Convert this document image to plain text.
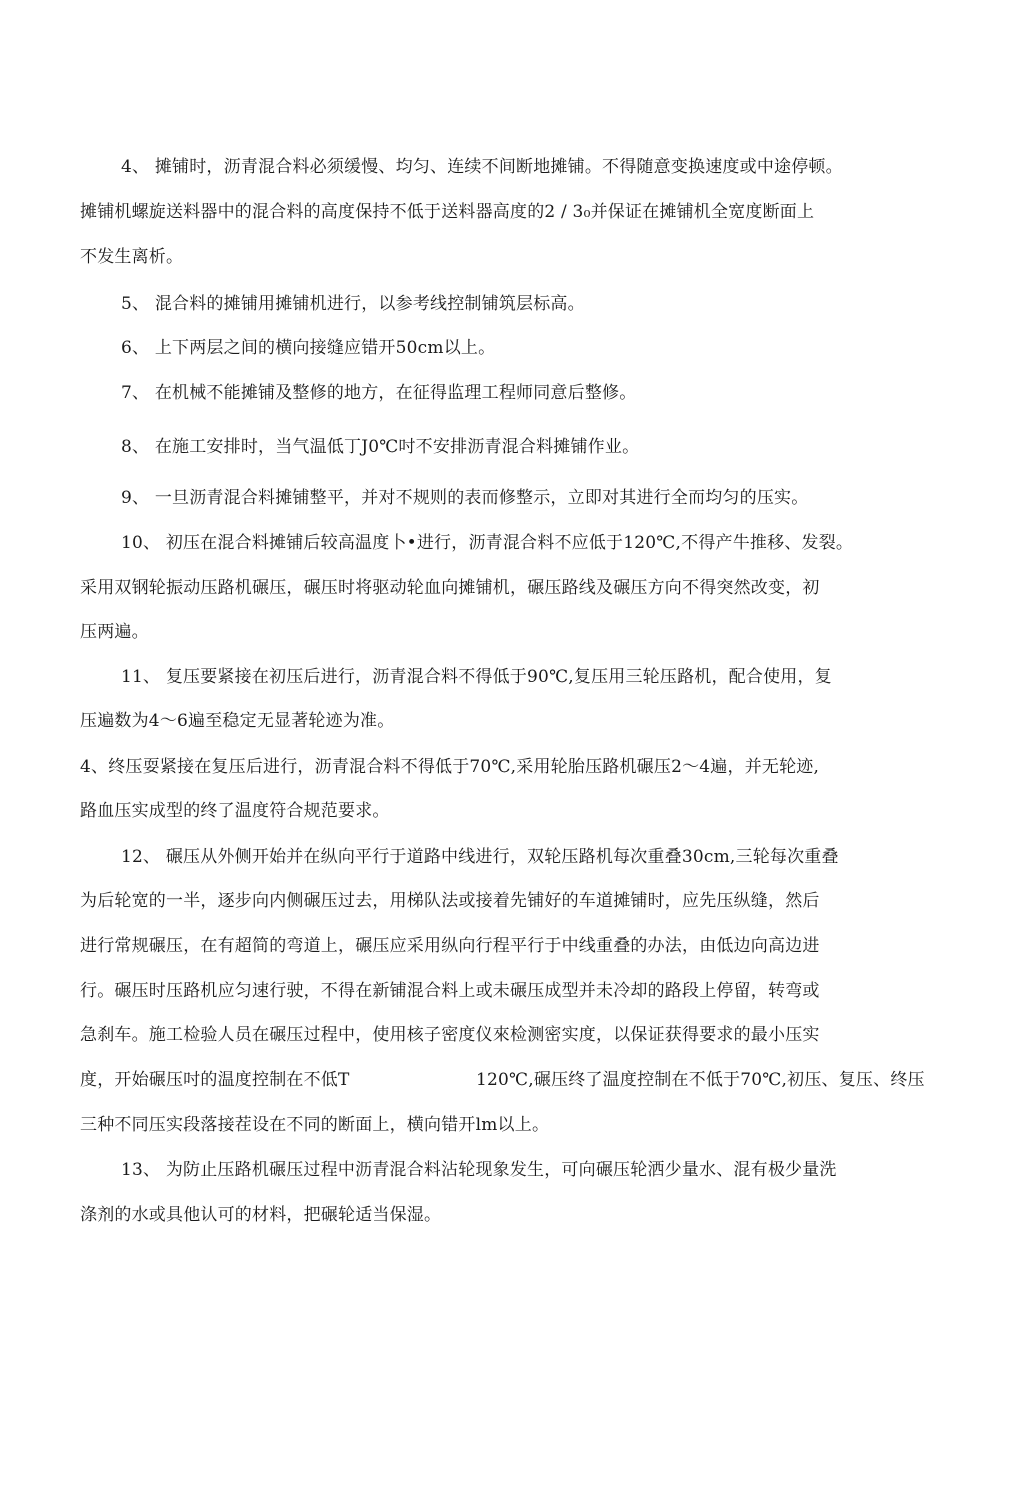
4、 摊铺时，沥青混合料必须缓慢、均匀、连续不间断地摊铺。不得随意变换速度或中途停顿。
摊铺机螺旋送料器中的混合料的高度保持不低于送料器高度的2 / 3₀并保证在摊铺机全宽度断面上
不发生离析。
5、 混合料的摊铺用摊铺机进行，以参考线控制铺筑层标高。
6、 上下两层之间的横向接缝应错开50cm以上。
7、 在机械不能摊铺及整修的地方，在征得监理工程师同意后整修。
8、 在施工安排时，当气温低丁J0℃吋不安排沥青混合料摊铺作业。
9、 一旦沥青混合料摊铺整平，并对不规则的表而修整示，立即对其进行全而均匀的压实。
10、 初压在混合料摊铺后较高温度卜•进行，沥青混合料不应低于120℃,不得产牛推移、发裂。
采用双钢轮振动压路机碾压，碾压时将驱动轮血向摊铺机，碾压路线及碾压方向不得突然改变，初
压两遍。
11、 复压要紧接在初压后进行，沥青混合料不得低于90℃,复压用三轮压路机，配合使用，复
压遍数为4～6遍至稳定无显著轮迹为准。
4、终压耍紧接在复压后进行，沥青混合料不得低于70℃,采用轮胎压路机碾压2～4遍，并无轮迹,
路血压实成型的终了温度符合规范要求。
12、 碾压从外侧开始并在纵向平行于道路中线进行，双轮压路机每次重叠30cm,三轮每次重叠
为后轮宽的一半，逐步向内侧碾压过去，用梯队法或接着先铺好的车道摊铺时，应先压纵缝，然后
进行常规碾压，在有超简的弯道上，碾压应采用纵向行程平行于中线重叠的办法，由低边向高边进
行。碾压时压路机应匀速行驶，不得在新铺混合料上或未碾压成型并未冷却的路段上停留，转弯或
急刹车。施工检验人员在碾压过程中，使用核子密度仪來检测密实度，以保证获得要求的最小压实
度，开始碾压吋的温度控制在不低T	120℃,碾压终了温度控制在不低于70℃,初压、复压、终压
三种不同压实段落接茬设在不同的断面上，横向错开lm以上。
13、 为防止压路机碾压过程中沥青混合料沾轮现象发生，可向碾压轮洒少量水、混有极少量洗
涤剂的水或具他认可的材料，把碾轮适当保湿。
